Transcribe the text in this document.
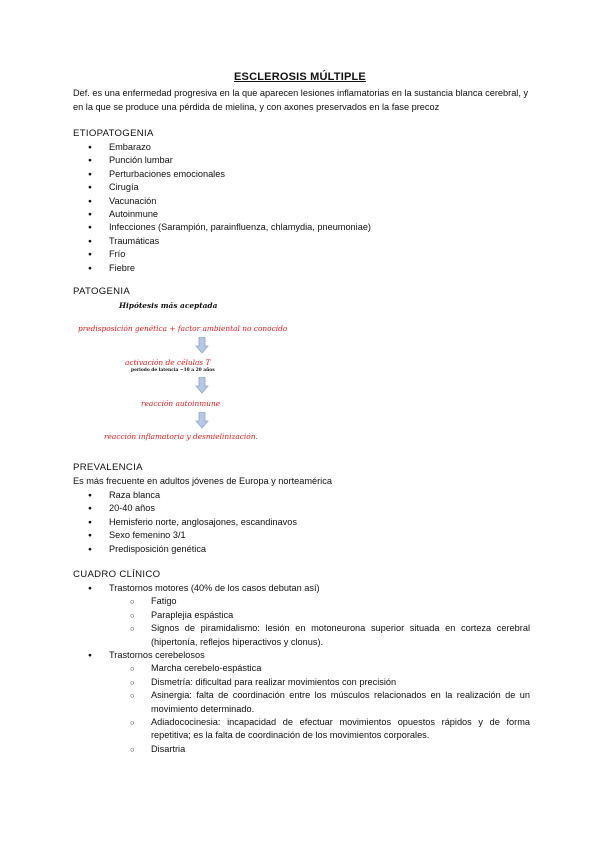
ESCLEROSIS MÚLTIPLE

Def. es una enfermedad progresiva en la que aparecen lesiones inflamatorias en la sustancia blanca cerebral, y en la que se produce una pérdida de mielina, y con axones preservados en la fase precoz

ETIOPATOGENIA

● Embarazo
● Punción lumbar
● Perturbaciones emocionales
● Cirugía
● Vacunación
● Autoinmune
● Infecciones (Sarampión, parainfluenza, chlamydia, pneumoniae)
● Traumáticas
● Frío
● Fiebre

PATOGENIA

Hipótesis más aceptada
predisposición genética + factor ambiental no conocido
activación de células T
periodo de latencia ~10 a 20 años
reacción autoinmune
reacción inflamatoria y desmielinización.

PREVALENCIA

Es más frecuente en adultos jóvenes de Europa y norteamérica

● Raza blanca
● 20-40 años
● Hemisferio norte, anglosajones, escandinavos
● Sexo femenino 3/1
● Predisposición genética

CUADRO CLÍNICO

● Trastornos motores (40% de los casos debutan así)
○ Fatigo
○ Paraplejia espástica
○ Signos de piramidalismo: lesión en motoneurona superior situada en corteza cerebral (hipertonía, reflejos hiperactivos y clonus).
● Trastornos cerebelosos
○ Marcha cerebelo-espástica
○ Dismetría: dificultad para realizar movimientos con precisión
○ Asinergia: falta de coordinación entre los músculos relacionados en la realización de un movimiento determinado.
○ Adiadococinesia: incapacidad de efectuar movimientos opuestos rápidos y de forma repetitiva; es la falta de coordinación de los movimientos corporales.
○ Disartria
